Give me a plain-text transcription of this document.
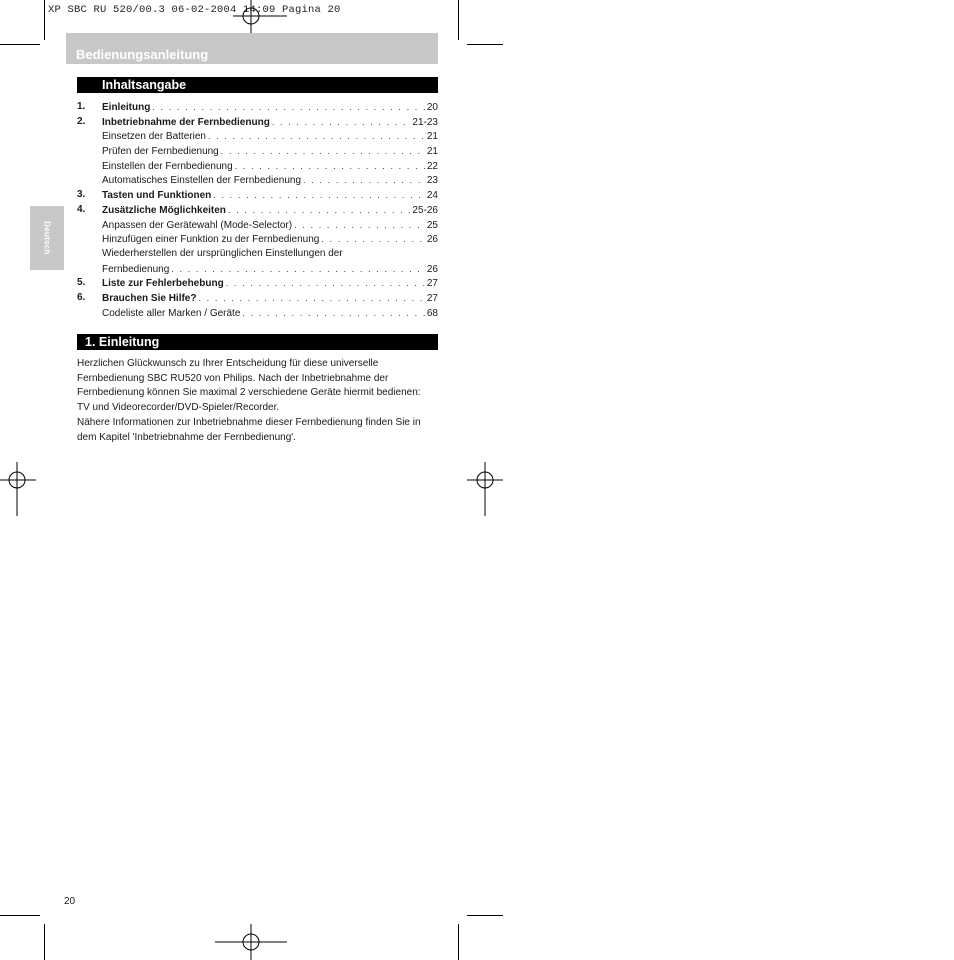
XP SBC RU 520/00.3 06-02-2004 14:09 Pagina 20
Bedienungsanleitung
Deutsch
Inhaltsangabe
1. Einleitung . . .	20
2. Inbetriebnahme der Fernbedienung . . .	21-23
Einsetzen der Batterien . . .	21
Prüfen der Fernbedienung . . .	21
Einstellen der Fernbedienung . . .	22
Automatisches Einstellen der Fernbedienung . . .	23
3. Tasten und Funktionen . . .	24
4. Zusätzliche Möglichkeiten . . .	25-26
Anpassen der Gerätewahl (Mode-Selector) . . .	25
Hinzufügen einer Funktion zu der Fernbedienung . . .	26
Wiederherstellen der ursprünglichen Einstellungen der
Fernbedienung . . .	26
5. Liste zur Fehlerbehebung . . .	27
6. Brauchen Sie Hilfe? . . .	27
Codeliste aller Marken / Geräte . . .	68
1. Einleitung

Herzlichen Glückwunsch zu Ihrer Entscheidung für diese universelle

Fernbedienung SBC RU520 von Philips. Nach der Inbetriebnahme der

Fernbedienung können Sie maximal 2 verschiedene Geräte hiermit bedienen:

TV und Videorecorder/DVD-Spieler/Recorder.

Nähere Informationen zur Inbetriebnahme dieser Fernbedienung finden Sie in

dem Kapitel 'Inbetriebnahme der Fernbedienung'.

20
